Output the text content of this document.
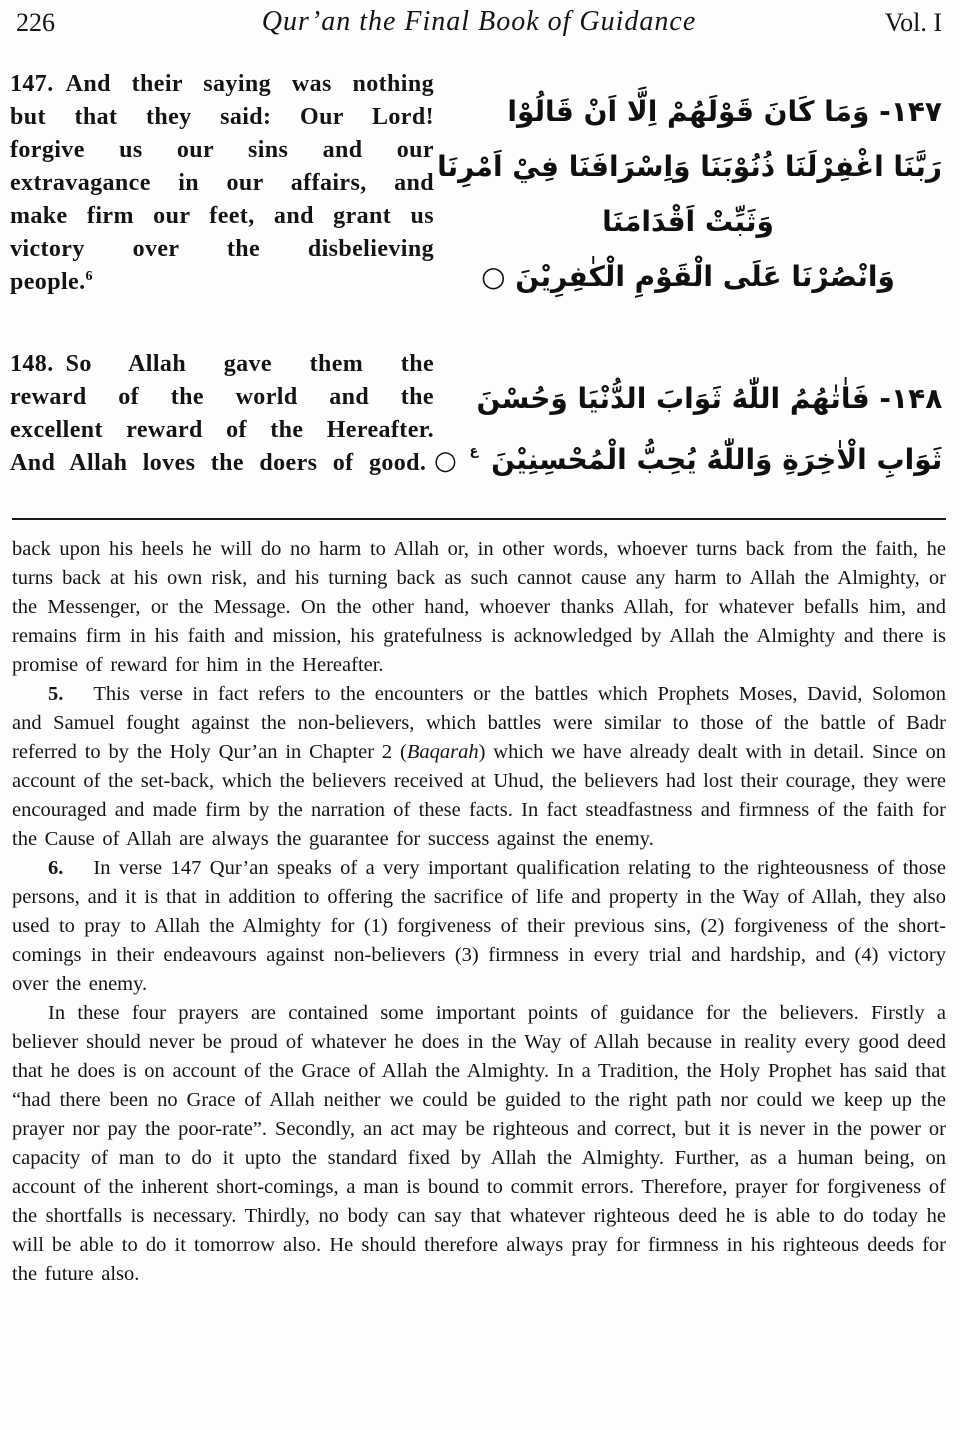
226	Qur’an the Final Book of Guidance	Vol. I
147. And their saying was nothing but that they said: Our Lord! forgive us our sins and our extravagance in our affairs, and make firm our feet, and grant us victory over the disbelieving people.$^6$
۱۴۷- وَمَا كَانَ قَوْلَهُمْ اِلَّا اَنْ قَالُوْا
رَبَّنَا اغْفِرْلَنَا ذُنُوْبَنَا وَاِسْرَافَنَا فِيْ اَمْرِنَا
وَثَبِّتْ اَقْدَامَنَا
وَانْصُرْنَا عَلَى الْقَوْمِ الْكٰفِرِيْنَ ○
148. So Allah gave them the reward of the world and the excellent reward of the Hereafter. And Allah loves the doers of good.
۱۴۸- فَاٰتٰهُمُ اللّٰهُ ثَوَابَ الدُّنْيَا وَحُسْنَ
ثَوَابِ الْاٰخِرَةِ وَاللّٰهُ يُحِبُّ الْمُحْسِنِيْنَ $^ع$ ○

back upon his heels he will do no harm to Allah or, in other words, whoever turns back from the faith, he turns back at his own risk, and his turning back as such cannot cause any harm to Allah the Almighty, or the Messenger, or the Message. On the other hand, whoever thanks Allah, for whatever befalls him, and remains firm in his faith and mission, his gratefulness is acknowledged by Allah the Almighty and there is promise of reward for him in the Hereafter.

5. This verse in fact refers to the encounters or the battles which Prophets Moses, David, Solomon and Samuel fought against the non-believers, which battles were similar to those of the battle of Badr referred to by the Holy Qur’an in Chapter 2 (Baqarah) which we have already dealt with in detail. Since on account of the set-back, which the believers received at Uhud, the believers had lost their courage, they were encouraged and made firm by the narration of these facts. In fact steadfastness and firmness of the faith for the Cause of Allah are always the guarantee for success against the enemy.

6. In verse 147 Qur’an speaks of a very important qualification relating to the righteousness of those persons, and it is that in addition to offering the sacrifice of life and property in the Way of Allah, they also used to pray to Allah the Almighty for (1) forgiveness of their previous sins, (2) forgiveness of the short-comings in their endeavours against non-believers (3) firmness in every trial and hardship, and (4) victory over the enemy.

In these four prayers are contained some important points of guidance for the believers. Firstly a believer should never be proud of whatever he does in the Way of Allah because in reality every good deed that he does is on account of the Grace of Allah the Almighty. In a Tradition, the Holy Prophet has said that “had there been no Grace of Allah neither we could be guided to the right path nor could we keep up the prayer nor pay the poor-rate”. Secondly, an act may be righteous and correct, but it is never in the power or capacity of man to do it upto the standard fixed by Allah the Almighty. Further, as a human being, on account of the inherent short-comings, a man is bound to commit errors. Therefore, prayer for forgiveness of the shortfalls is necessary. Thirdly, no body can say that whatever righteous deed he is able to do today he will be able to do it tomorrow also. He should therefore always pray for firmness in his righteous deeds for the future also.
